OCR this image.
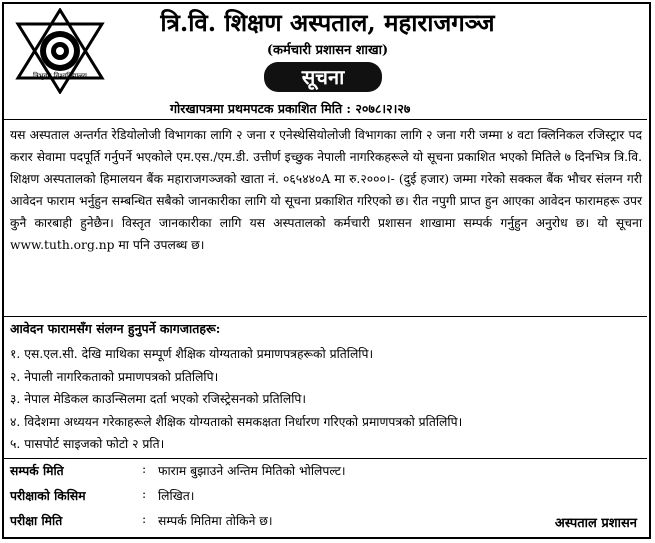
त्रिभुवन विश्वविद्यालय
त्रि.वि. शिक्षण अस्पताल, महाराजगञ्ज
(कर्मचारी प्रशासन शाखा)
सूचना
गोरखापत्रमा प्रथमपटक प्रकाशित मिति : २०७८।२।२७
यस अस्पताल अन्तर्गत रेडियोलोजी विभागका लागि २ जना र एनेस्थेसियोलोजी विभागका लागि २ जना गरी जम्मा ४ वटा क्लिनिकल रजिस्ट्रार पद करार सेवामा पदपूर्ति गर्नुपर्ने भएकोले एम.एस./एम.डी. उत्तीर्ण इच्छुक नेपाली नागरिकहरूले यो सूचना प्रकाशित भएको मितिले ७ दिनभित्र त्रि.वि. शिक्षण अस्पतालको हिमालयन बैंक महाराजगञ्जको खाता नं. ०६५४४०A मा रु.२०००।- (दुई हजार) जम्मा गरेको सक्कल बैंक भौचर संलग्न गरी आवेदन फाराम भर्नुहुन सम्बन्धित सबैको जानकारीका लागि यो सूचना प्रकाशित गरिएको छ। रीत नपुगी प्राप्त हुन आएका आवेदन फारामहरू उपर कुनै कारबाही हुनेछैन। विस्तृत जानकारीका लागि यस अस्पतालको कर्मचारी प्रशासन शाखामा सम्पर्क गर्नुहुन अनुरोध छ। यो सूचना www.tuth.org.np मा पनि उपलब्ध छ।
आवेदन फारामसँग संलग्न हुनुपर्ने कागजातहरू:
१. एस.एल.सी. देखि माथिका सम्पूर्ण शैक्षिक योग्यताको प्रमाणपत्रहरूको प्रतिलिपि।
२. नेपाली नागरिकताको प्रमाणपत्रको प्रतिलिपि।
३. नेपाल मेडिकल काउन्सिलमा दर्ता भएको रजिस्ट्रेसनको प्रतिलिपि।
४. विदेशमा अध्ययन गरेकाहरूले शैक्षिक योग्यताको समकक्षता निर्धारण गरिएको प्रमाणपत्रको प्रतिलिपि।
५. पासपोर्ट साइजको फोटो २ प्रति।
सम्पर्क मिति	: फाराम बुझाउने अन्तिम मितिको भोलिपल्ट।
परीक्षाको किसिम	: लिखित।
परीक्षा मिति	: सम्पर्क मितिमा तोकिने छ।	अस्पताल प्रशासन
